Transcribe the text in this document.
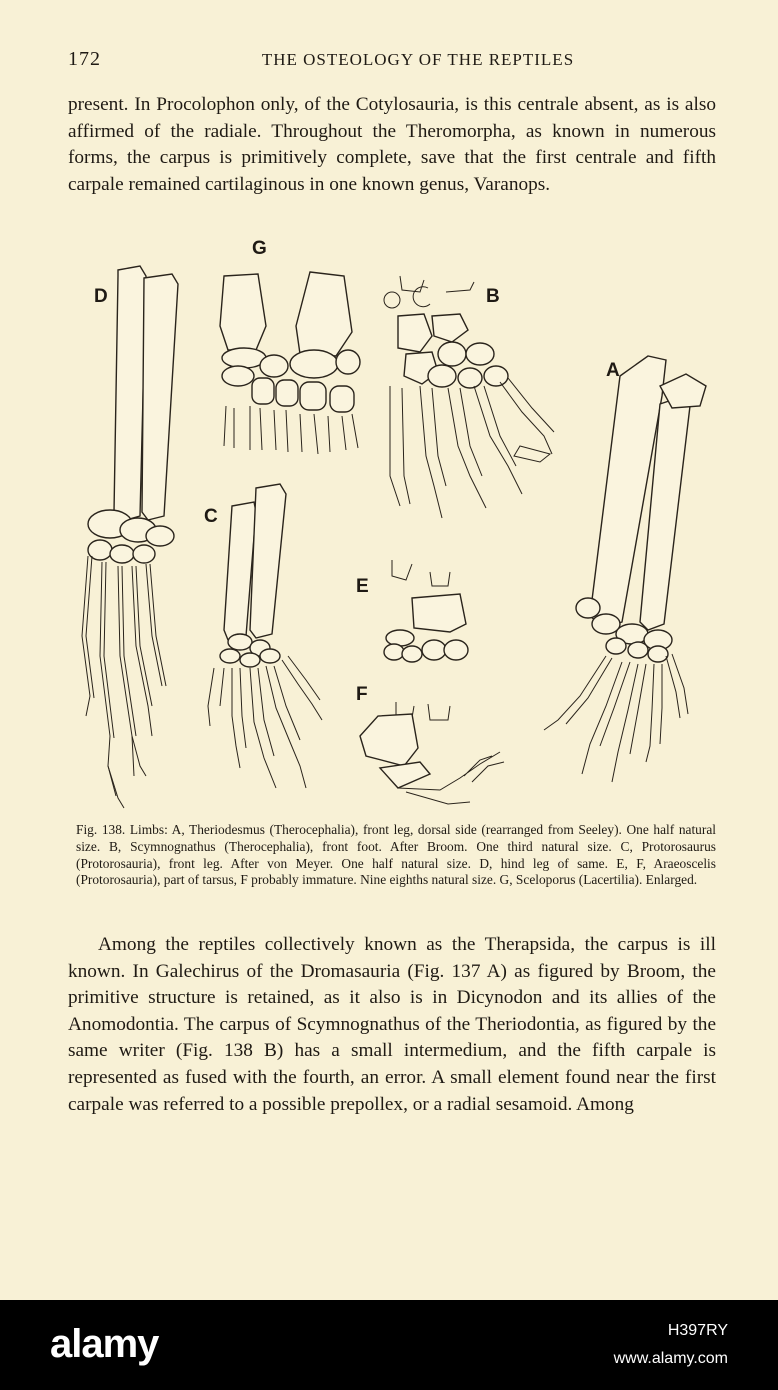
172	THE OSTEOLOGY OF THE REPTILES

present. In Procolophon only, of the Cotylosauria, is this centrale absent, as is also affirmed of the radiale. Throughout the Theromorpha, as known in numerous forms, the carpus is primitively complete, save that the first centrale and fifth carpale remained cartilaginous in one known genus, Varanops.

G
B
D
A
C
E
F
Fig. 138. Limbs: A, Theriodesmus (Therocephalia), front leg, dorsal side (rearranged from Seeley). One half natural size. B, Scymnognathus (Therocephalia), front foot. After Broom. One third natural size. C, Protorosaurus (Protorosauria), front leg. After von Meyer. One half natural size. D, hind leg of same. E, F, Araeoscelis (Protorosauria), part of tarsus, F probably immature. Nine eighths natural size. G, Sceloporus (Lacertilia). Enlarged.

Among the reptiles collectively known as the Therapsida, the carpus is ill known. In Galechirus of the Dromasauria (Fig. 137 A) as figured by Broom, the primitive structure is retained, as it also is in Dicynodon and its allies of the Anomodontia. The carpus of Scymnognathus of the Theriodontia, as figured by the same writer (Fig. 138 B) has a small intermedium, and the fifth carpale is represented as fused with the fourth, an error. A small element found near the first carpale was referred to a possible prepollex, or a radial sesamoid. Among

alamy	H397RY
www.alamy.com
